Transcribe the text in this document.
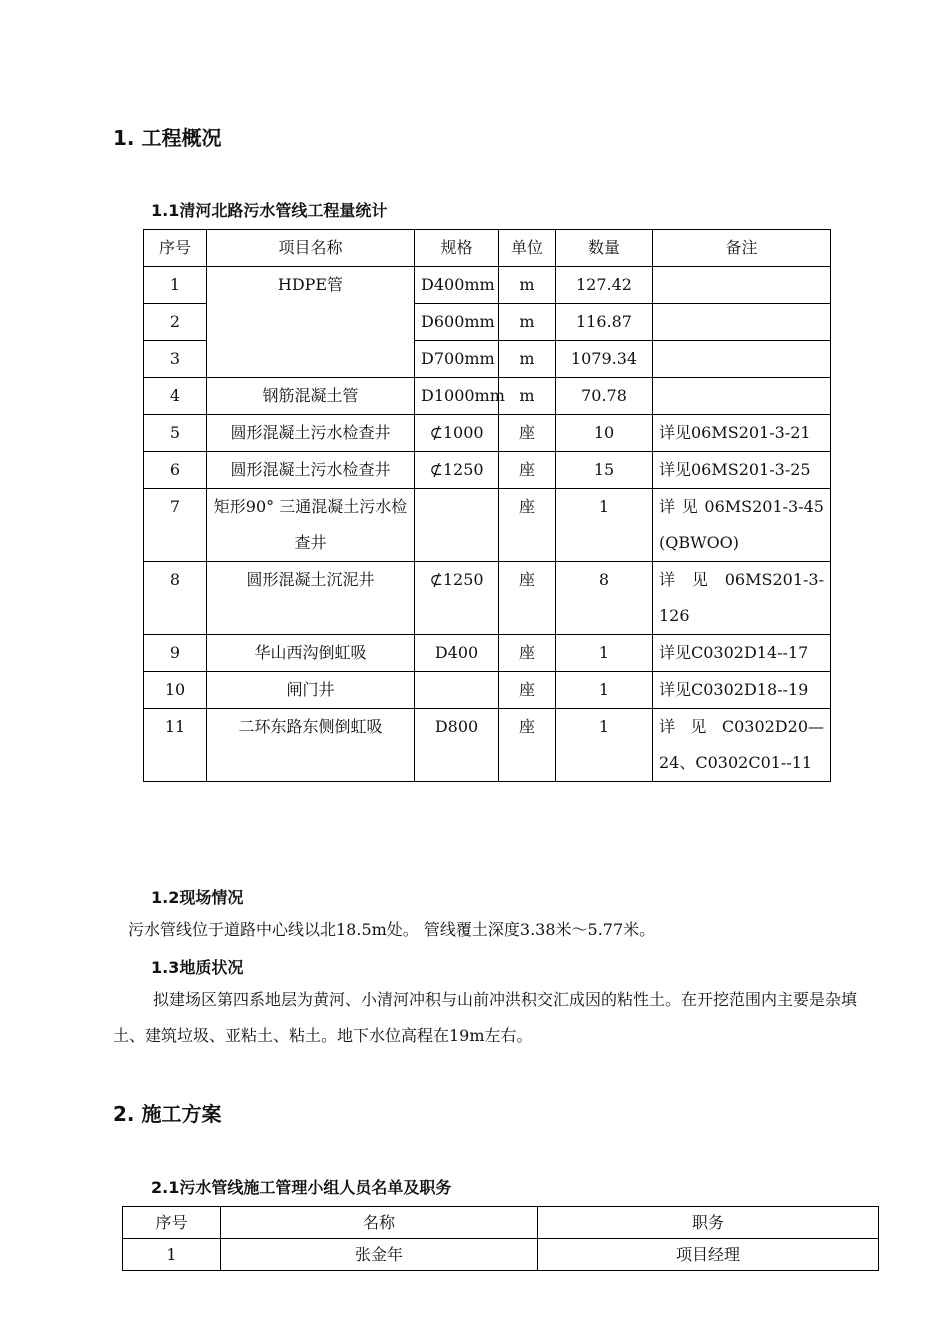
1. 工程概况
1.1清河北路污水管线工程量统计
序号	项目名称	规格	单位	数量	备注
1	HDPE管	D400mm	m	127.42	
2		D600mm	m	116.87	
3		D700mm	m	1079.34	
4	钢筋混凝土管	D1000mm	m	70.78	
5	圆形混凝土污水检查井	⊄1000	座	10	详见06MS201-3-21
6	圆形混凝土污水检查井	⊄1250	座	15	详见06MS201-3-25
7	矩形90° 三通混凝土污水检查井		座	1	详 见 06MS201-3-45 (QBWOO)
8	圆形混凝土沉泥井	⊄1250	座	8	详 见 06MS201-3-126
9	华山西沟倒虹吸	D400	座	1	详见C0302D14--17
10	闸门井		座	1	详见C0302D18--19
11	二环东路东侧倒虹吸	D800	座	1	详 见 C0302D20—24、C0302C01--11
1.2现场情况
污水管线位于道路中心线以北18.5m处。 管线覆土深度3.38米～5.77米。
1.3地质状况
拟建场区第四系地层为黄河、小清河冲积与山前冲洪积交汇成因的粘性土。在开挖范围内主要是杂填土、建筑垃圾、亚粘土、粘土。地下水位高程在19m左右。
2. 施工方案
2.1污水管线施工管理小组人员名单及职务
序号	名称	职务
1	张金年	项目经理
